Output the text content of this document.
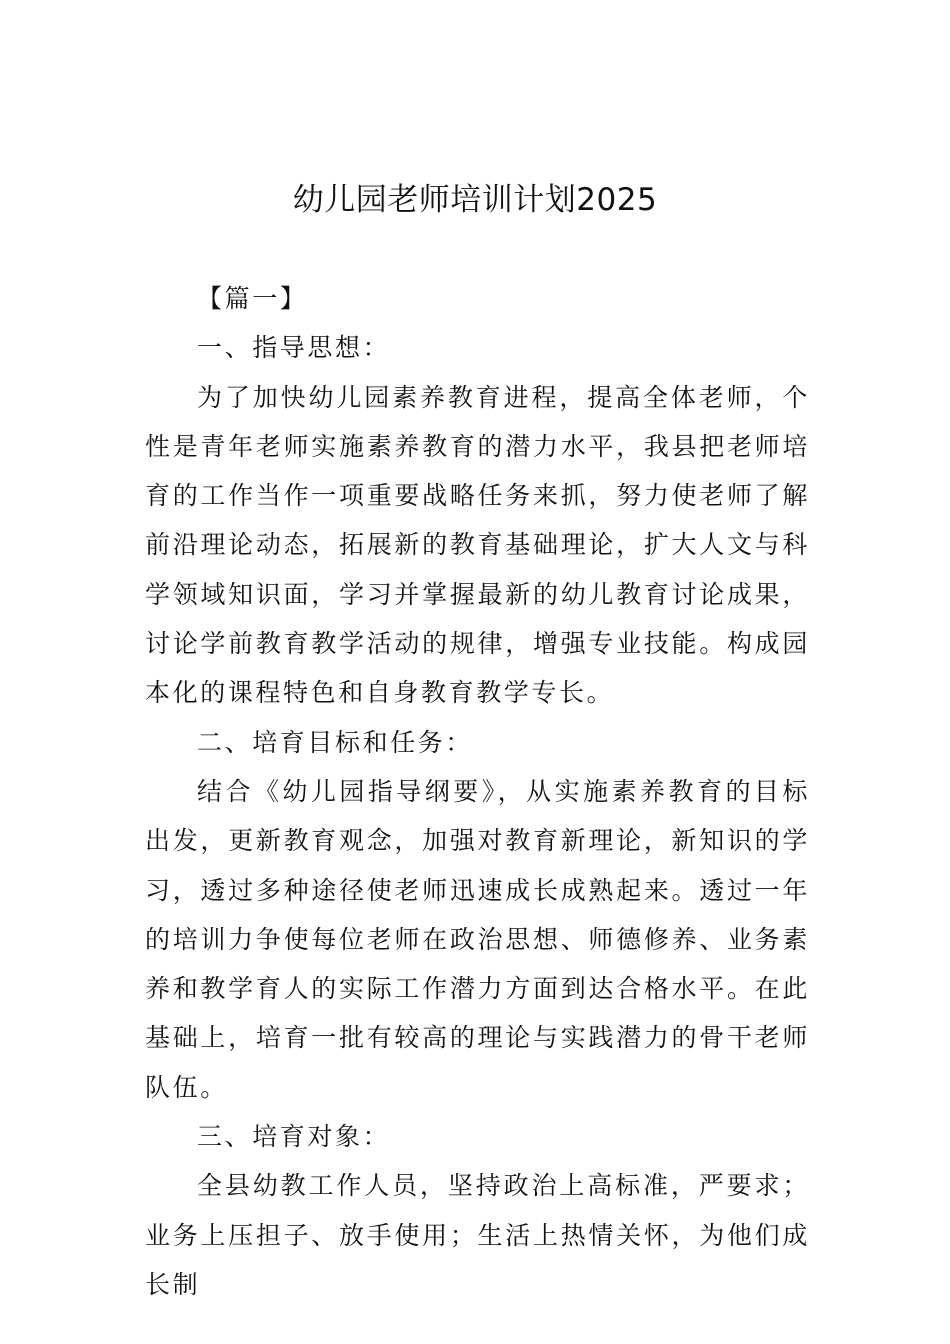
幼儿园老师培训计划2025

【篇一】

一、指导思想：

为了加快幼儿园素养教育进程，提高全体老师，个性是青年老师实施素养教育的潜力水平，我县把老师培育的工作当作一项重要战略任务来抓，努力使老师了解前沿理论动态，拓展新的教育基础理论，扩大人文与科学领域知识面，学习并掌握最新的幼儿教育讨论成果，讨论学前教育教学活动的规律，增强专业技能。构成园本化的课程特色和自身教育教学专长。

二、培育目标和任务：

结合《幼儿园指导纲要》，从实施素养教育的目标出发，更新教育观念，加强对教育新理论，新知识的学习，透过多种途径使老师迅速成长成熟起来。透过一年的培训力争使每位老师在政治思想、师德修养、业务素养和教学育人的实际工作潜力方面到达合格水平。在此基础上，培育一批有较高的理论与实践潜力的骨干老师队伍。

三、培育对象：

全县幼教工作人员，坚持政治上高标准，严要求；业务上压担子、放手使用；生活上热情关怀，为他们成长制
